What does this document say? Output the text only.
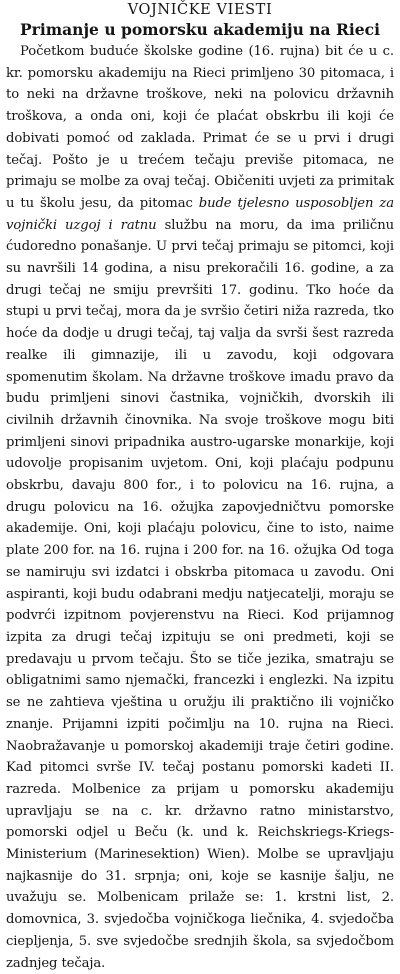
VOJNIČKE VIESTI
Primanje u pomorsku akademiju na Rieci

Početkom buduće školske godine (16. rujna) bit će u c. kr. pomorsku akademiju na Rieci primljeno 30 pitomaca, i to neki na državne troškove, neki na polovicu državnih troškova, a onda oni, koji će plaćat obskrbu ili koji će dobivati pomoć od zaklada. Primat će se u prvi i drugi tečaj. Pošto je u trećem tečaju previše pitomaca, ne primaju se molbe za ovaj tečaj. Običeniti uvjeti za primitak u tu školu jesu, da pitomac bude tjelesno usposobljen za vojnički uzgoj i ratnu službu na moru, da ima priličnu ćudoredno ponašanje. U prvi tečaj primaju se pitomci, koji su navršili 14 godina, a nisu prekoračili 16. godine, a za drugi tečaj ne smiju prevršiti 17. godinu. Tko hoće da stupi u prvi tečaj, mora da je svršio četiri niža razreda, tko hoće da dodje u drugi tečaj, taj valja da svrši šest razreda realke ili gimnazije, ili u zavodu, koji odgovara spomenutim školam. Na državne troškove imadu pravo da budu primljeni sinovi častnika, vojničkih, dvorskih ili civilnih državnih činovnika. Na svoje troškove mogu biti primljeni sinovi pripadnika austro-ugarske monarkije, koji udovolje propisanim uvjetom. Oni, koji plaćaju podpunu obskrbu, davaju 800 for., i to polovicu na 16. rujna, a drugu polovicu na 16. ožujka zapovjedničtvu pomorske akademije. Oni, koji plaćaju polovicu, čine to isto, naime plate 200 for. na 16. rujna i 200 for. na 16. ožujka Od toga se namiruju svi izdatci i obskrba pitomaca u zavodu. Oni aspiranti, koji budu odabrani medju natjecatelji, moraju se podvrći izpitnom povjerenstvu na Rieci. Kod prijamnog izpita za drugi tečaj izpituju se oni predmeti, koji se predavaju u prvom tečaju. Što se tiče jezika, smatraju se obligatnimi samo njemački, francezki i englezki. Na izpitu se ne zahtieva vještina u oružju ili praktično ili vojničko znanje. Prijamni izpiti počimlju na 10. rujna na Rieci. Naobražavanje u pomorskoj akademiji traje četiri godine. Kad pitomci svrše IV. tečaj postanu pomorski kadeti II. razreda. Molbenice za prijam u pomorsku akademiju upravljaju se na c. kr. državno ratno ministarstvo, pomorski odjel u Beču (k. und k. Reichskriegs-Kriegs-Ministerium (Marinesektion) Wien). Molbe se upravljaju najkasnije do 31. srpnja; oni, koje se kasnije šalju, ne uvažuju se. Molbenicam prilaže se: 1. krstni list, 2. domovnica, 3. svjedočba vojničkoga liečnika, 4. svjedočba ciepljenja, 5. sve svjedočbe srednjih škola, sa svjedočbom zadnjeg tečaja.
